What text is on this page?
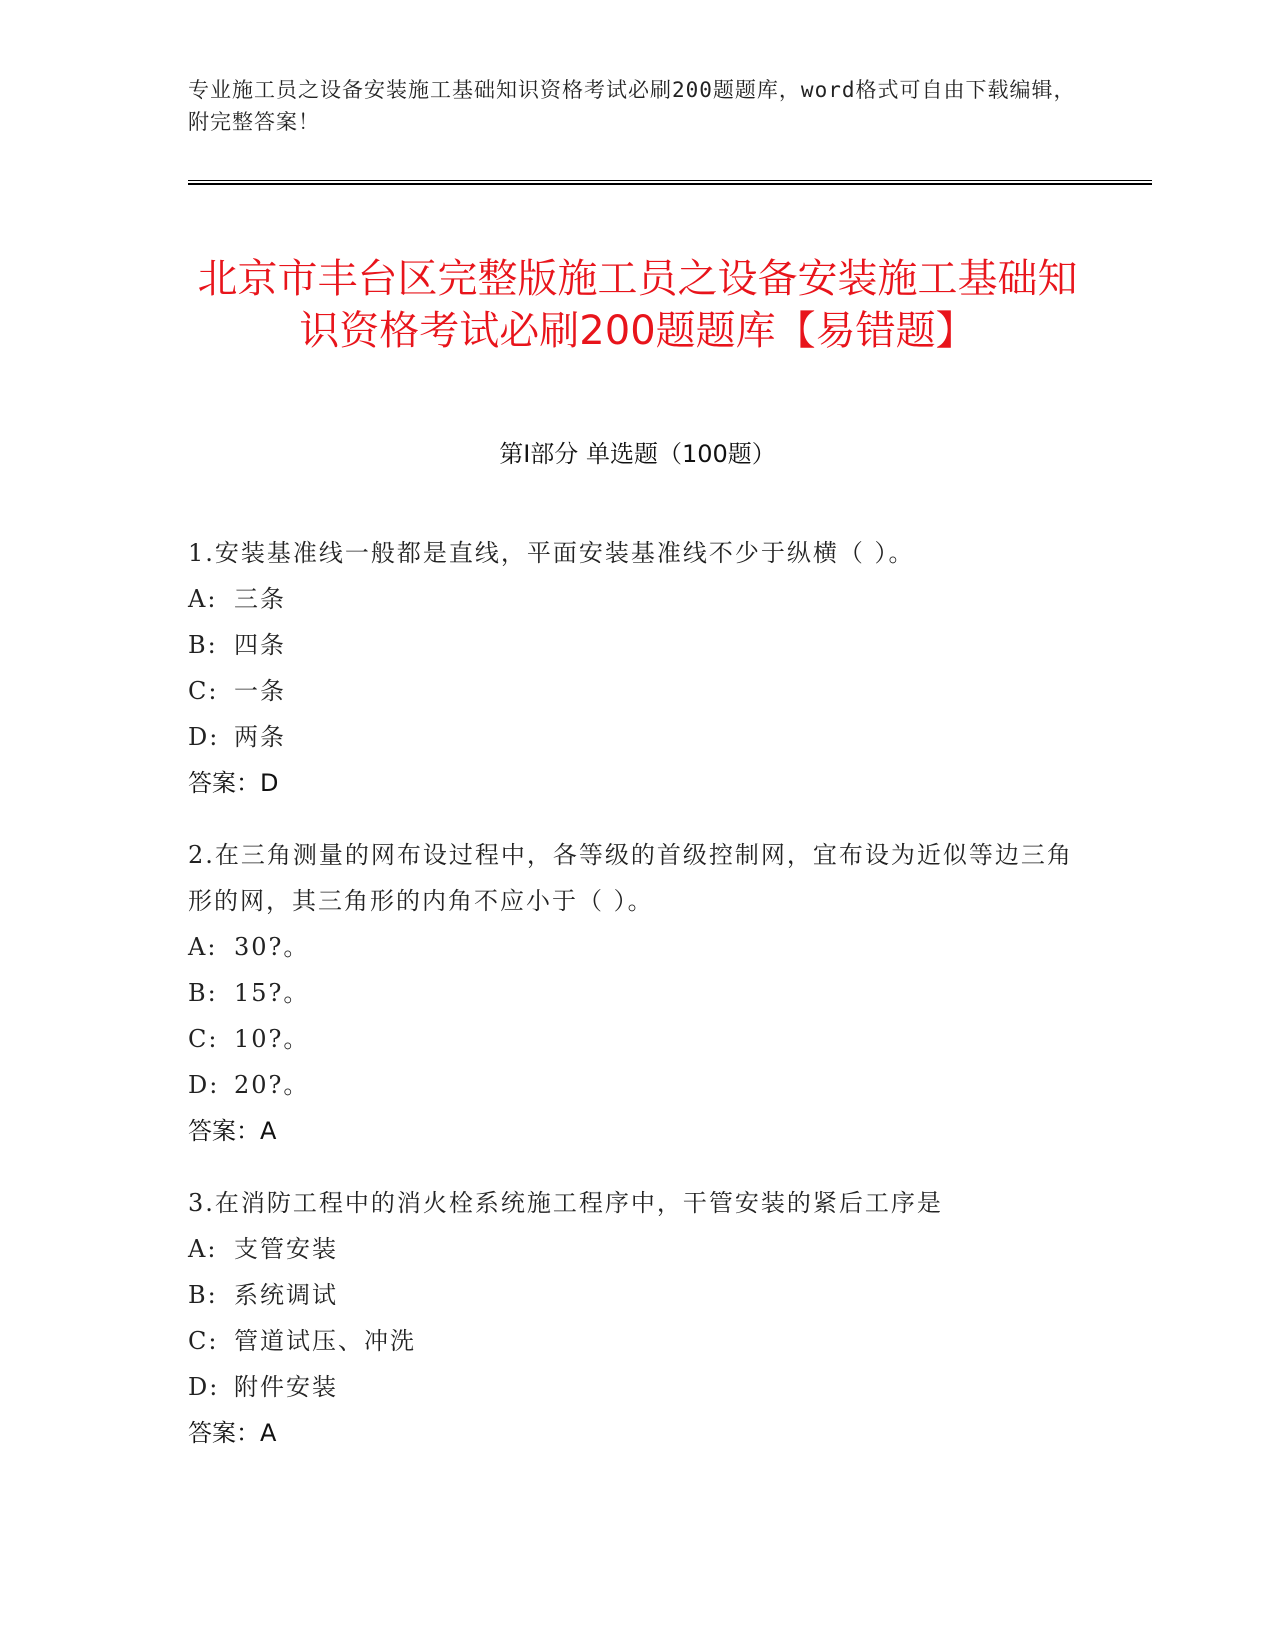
专业施工员之设备安装施工基础知识资格考试必刷200题题库，word格式可自由下载编辑，附完整答案！
北京市丰台区完整版施工员之设备安装施工基础知识资格考试必刷200题题库【易错题】
第Ⅰ部分 单选题（100题）
1.安装基准线一般都是直线，平面安装基准线不少于纵横（ ）。
A: 三条
B: 四条
C: 一条
D: 两条
答案：D
2.在三角测量的网布设过程中，各等级的首级控制网，宜布设为近似等边三角形的网，其三角形的内角不应小于（ ）。
A: 30?。
B: 15?。
C: 10?。
D: 20?。
答案：A
3.在消防工程中的消火栓系统施工程序中，干管安装的紧后工序是
A: 支管安装
B: 系统调试
C: 管道试压、冲洗
D: 附件安装
答案：A
